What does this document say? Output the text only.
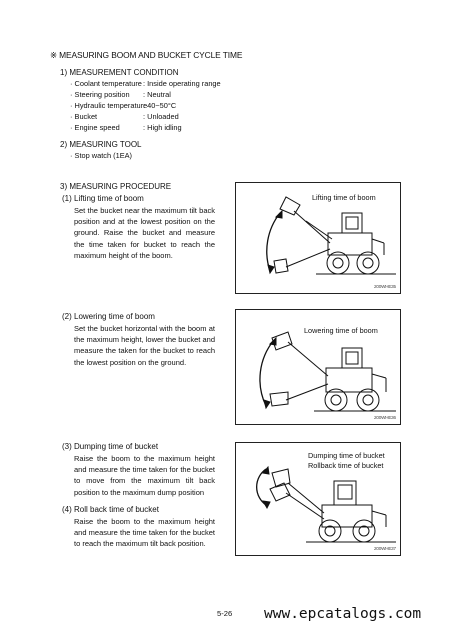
※ MEASURING BOOM AND BUCKET CYCLE TIME
1) MEASUREMENT CONDITION
· Coolant temperature: Inside operating range
· Steering position : Neutral
· Hydraulic temperature: 40~50°C
· Bucket	: Unloaded
· Engine speed	: High idling
2) MEASURING TOOL
· Stop watch (1EA)
3) MEASURING PROCEDURE
(1) Lifting time of boom
Set the bucket near the maximum tilt back position and at the lowest position on the ground. Raise the bucket and measure the time taken for bucket to reach the maximum height of the boom.
(2) Lowering time of boom
Set the bucket horizontal with the boom at the maximum height, lower the bucket and measure the taken for the bucket to reach the lowest position on the ground.
(3) Dumping time of bucket
Raise the boom to the maximum height and measure the time taken for the bucket to move from the maximum tilt back position to the maximum dump position
(4) Roll back time of bucket
Raise the boom to the maximum height and measure the time taken for the bucket to reach the maximum tilt back position.
Lifting time of boom
200WHE35
Lowering time of boom
200WHE36
Dumping time of bucket
Rollback time of bucket
200WHE37
5-26 www.epcatalogs.com
